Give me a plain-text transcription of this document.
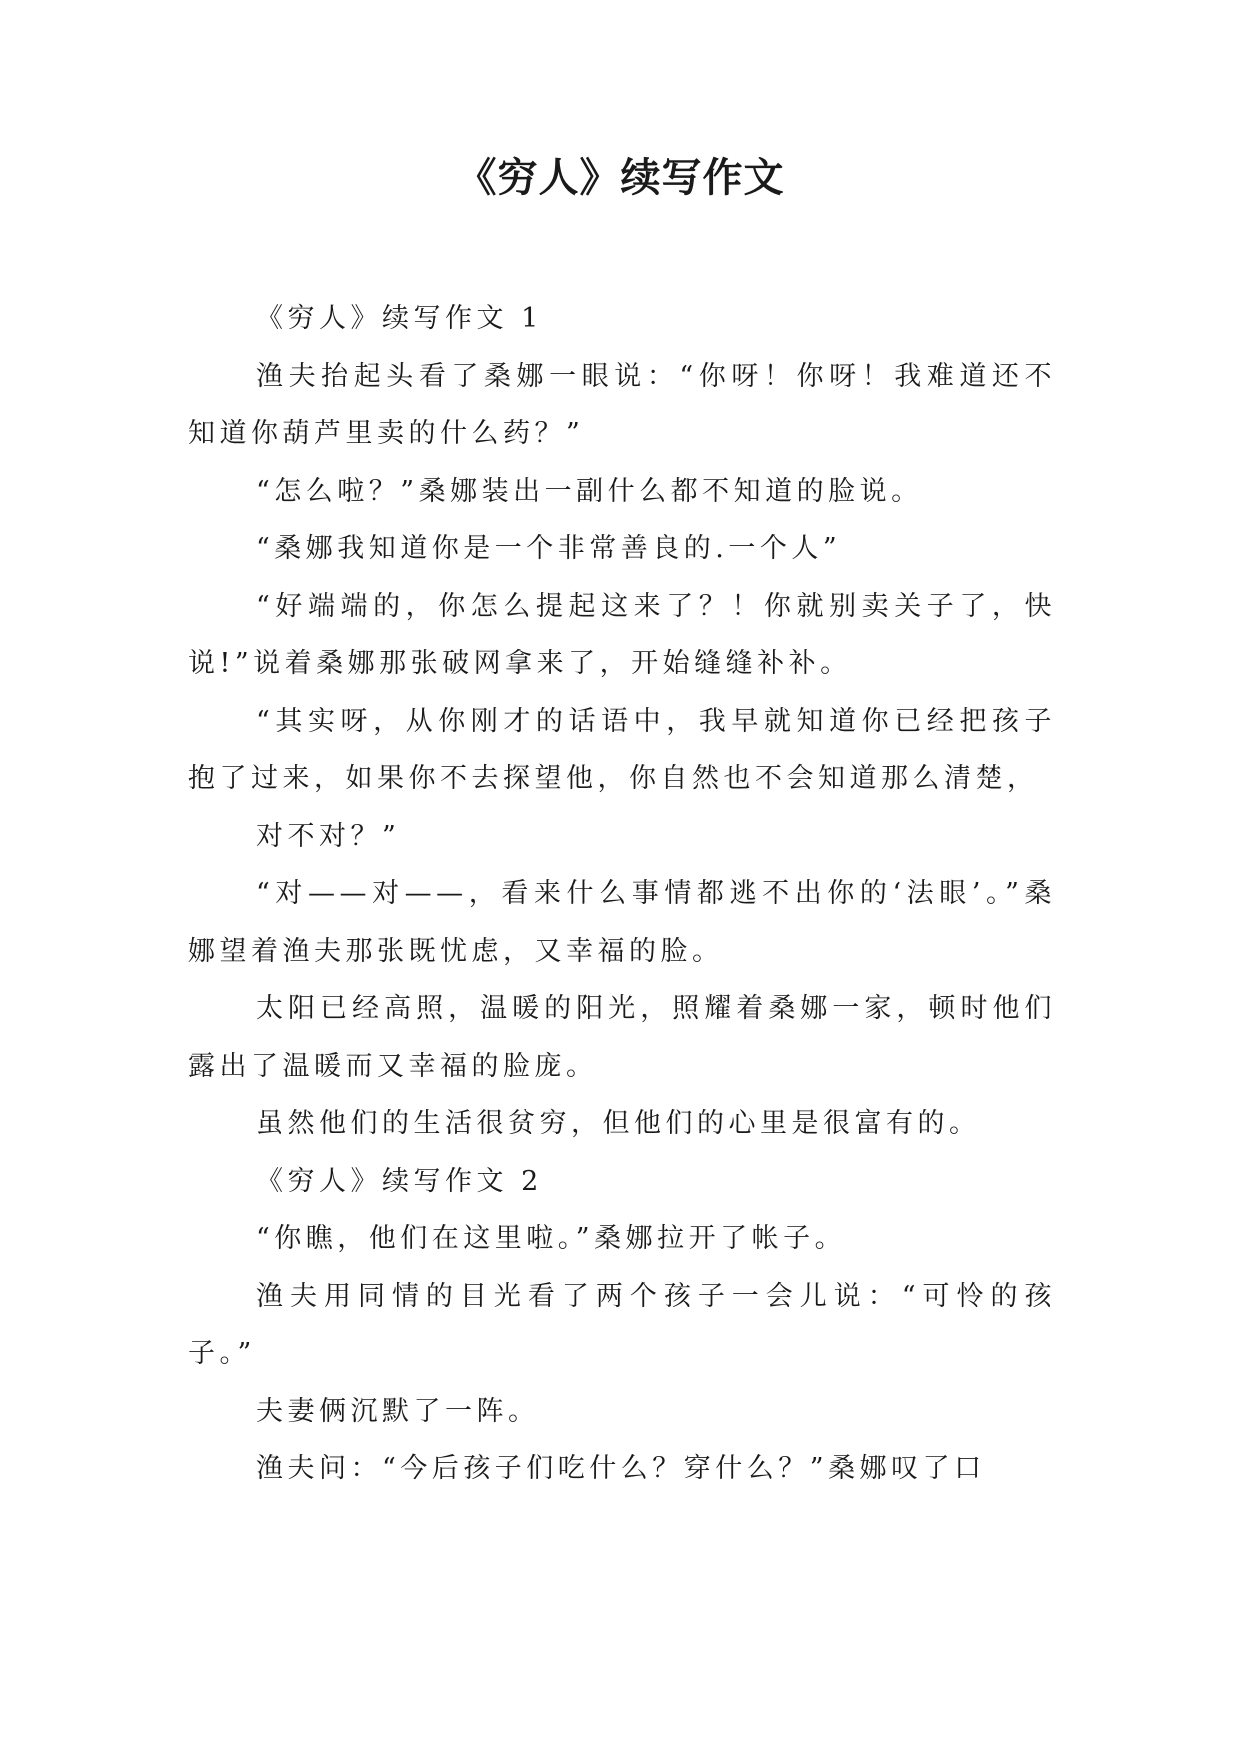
《穷人》续写作文

《穷人》续写作文 1

渔夫抬起头看了桑娜一眼说：“你呀！你呀！我难道还不知道你葫芦里卖的什么药？”

“怎么啦？”桑娜装出一副什么都不知道的脸说。

“桑娜我知道你是一个非常善良的.一个人”

“好端端的，你怎么提起这来了？！你就别卖关子了，快说!”说着桑娜那张破网拿来了，开始缝缝补补。

“其实呀，从你刚才的话语中，我早就知道你已经把孩子抱了过来，如果你不去探望他，你自然也不会知道那么清楚，

对不对？”

“对——对——，看来什么事情都逃不出你的‘法眼’。”桑娜望着渔夫那张既忧虑，又幸福的脸。

太阳已经高照，温暖的阳光，照耀着桑娜一家，顿时他们露出了温暖而又幸福的脸庞。

虽然他们的生活很贫穷，但他们的心里是很富有的。

《穷人》续写作文 2

“你瞧，他们在这里啦。”桑娜拉开了帐子。

渔夫用同情的目光看了两个孩子一会儿说：“可怜的孩子。”

夫妻俩沉默了一阵。

渔夫问：“今后孩子们吃什么？穿什么？”桑娜叹了口
